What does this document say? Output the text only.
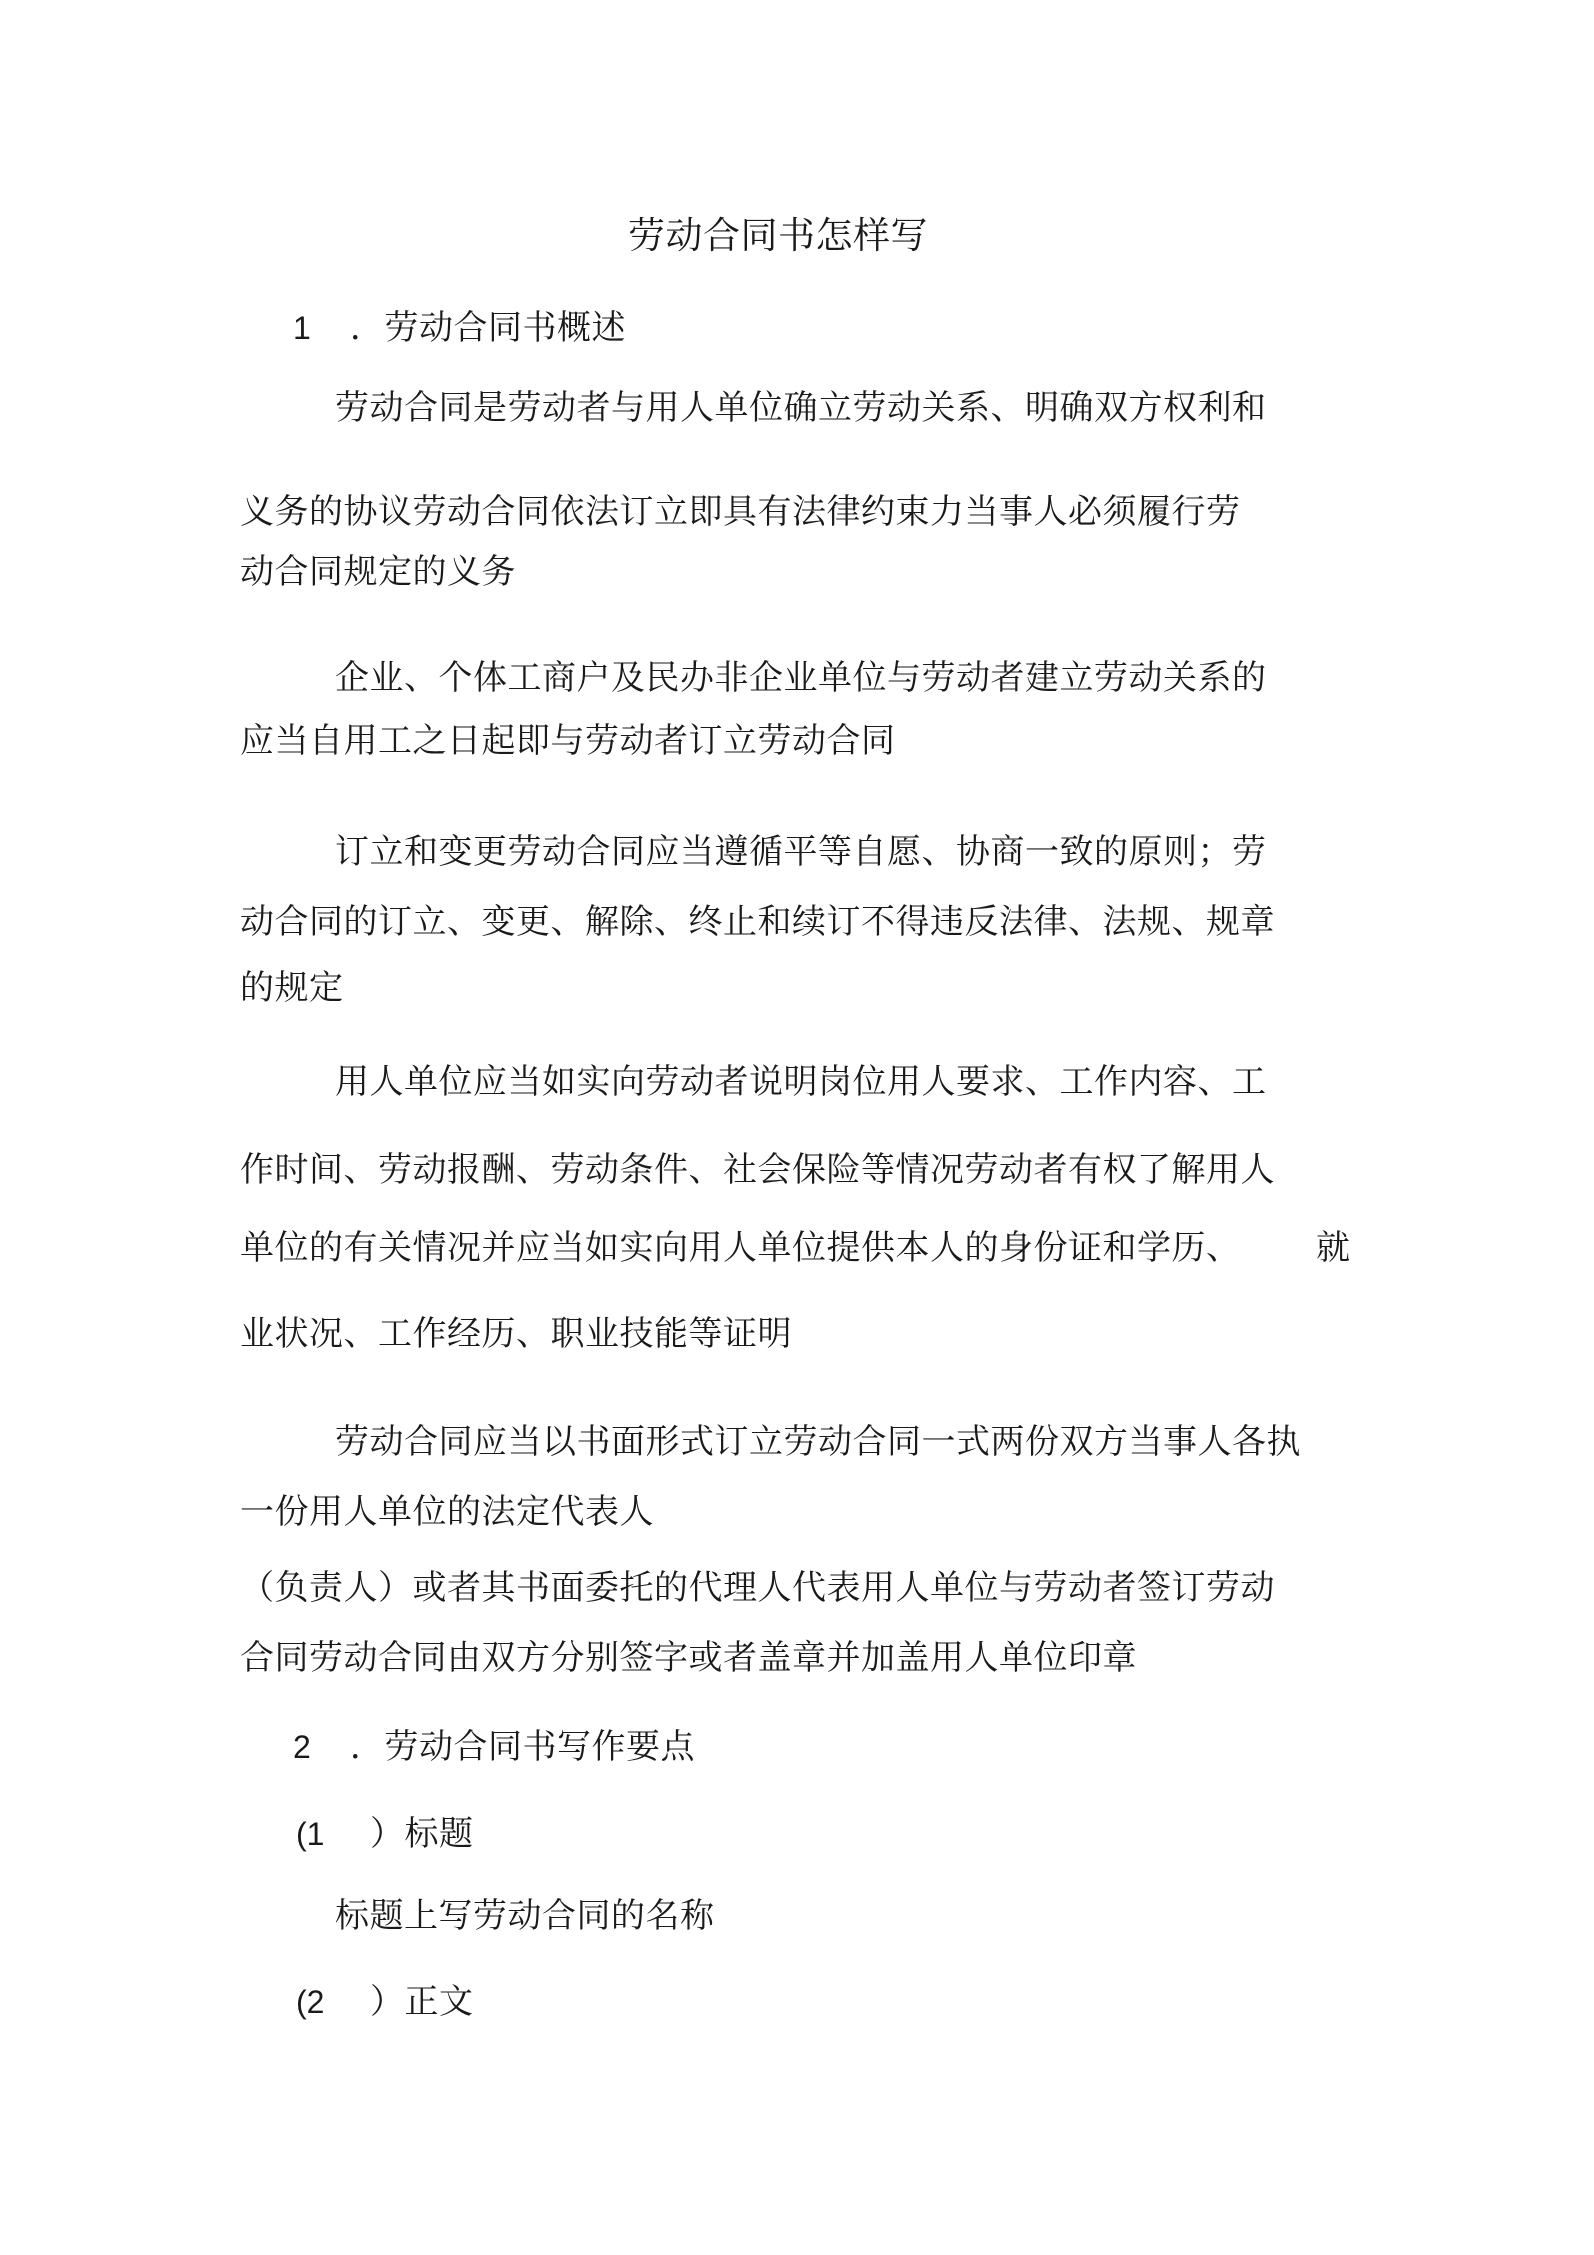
劳动合同书怎样写
1 ．劳动合同书概述
劳动合同是劳动者与用人单位确立劳动关系、明确双方权利和
义务的协议劳动合同依法订立即具有法律约束力当事人必须履行劳
动合同规定的义务
企业、个体工商户及民办非企业单位与劳动者建立劳动关系的
应当自用工之日起即与劳动者订立劳动合同
订立和变更劳动合同应当遵循平等自愿、协商一致的原则；劳
动合同的订立、变更、解除、终止和续订不得违反法律、法规、规章
的规定
用人单位应当如实向劳动者说明岗位用人要求、工作内容、工
作时间、劳动报酬、劳动条件、社会保险等情况劳动者有权了解用人
单位的有关情况并应当如实向用人单位提供本人的身份证和学历、 就
业状况、工作经历、职业技能等证明
劳动合同应当以书面形式订立劳动合同一式两份双方当事人各执
一份用人单位的法定代表人
（负责人）或者其书面委托的代理人代表用人单位与劳动者签订劳动
合同劳动合同由双方分别签字或者盖章并加盖用人单位印章
2 ．劳动合同书写作要点
(1 ）标题
标题上写劳动合同的名称
(2 ）正文
